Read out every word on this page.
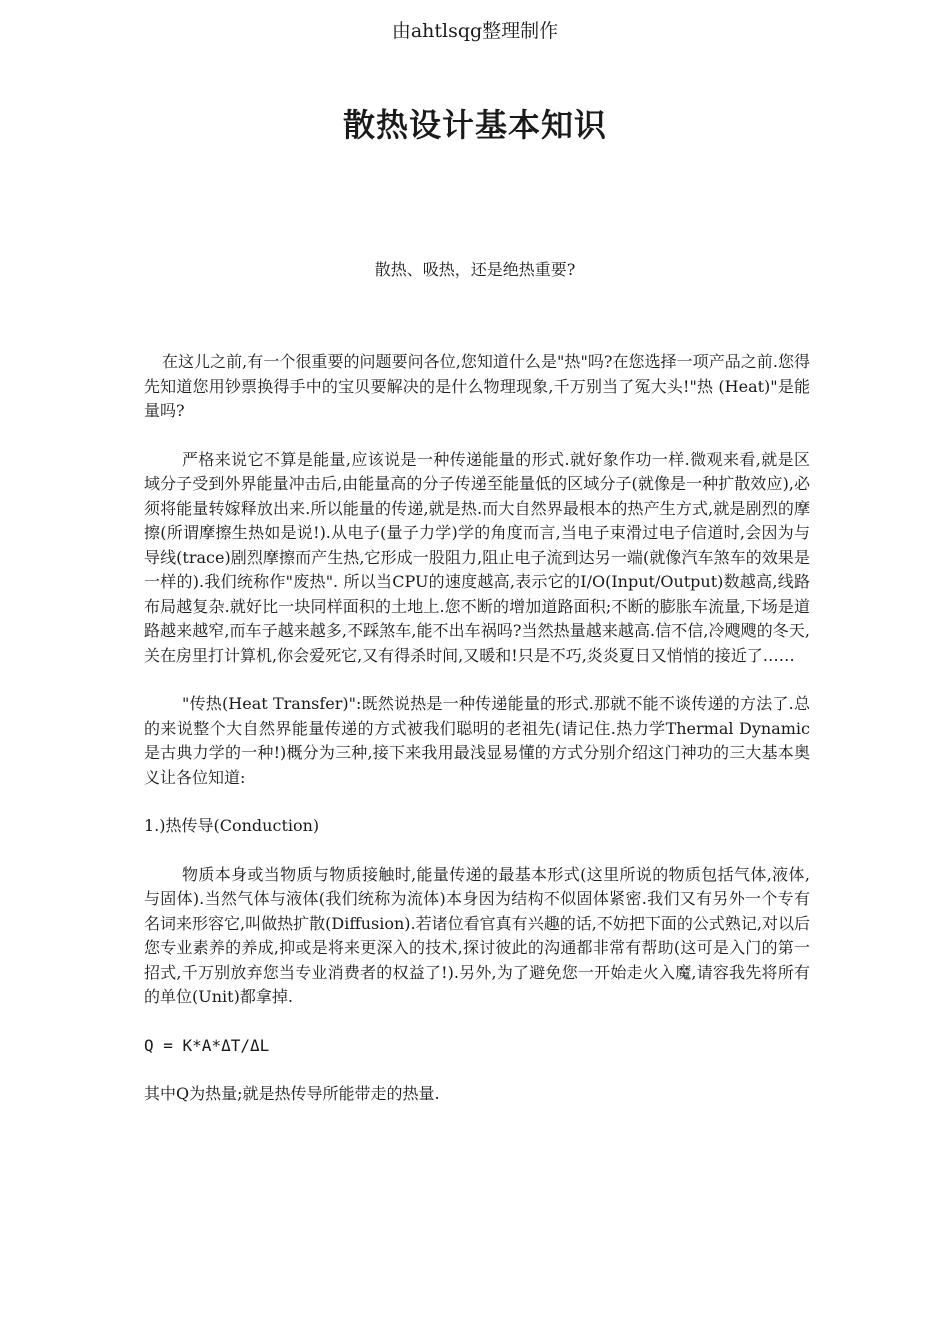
由ahtlsqg整理制作
散热设计基本知识
散热、吸热，还是绝热重要?

在这儿之前,有一个很重要的问题要问各位,您知道什么是"热"吗?在您选择一项产品之前.您得先知道您用钞票换得手中的宝贝要解决的是什么物理现象,千万别当了冤大头!"热 (Heat)"是能量吗?

严格来说它不算是能量,应该说是一种传递能量的形式.就好象作功一样.微观来看,就是区域分子受到外界能量冲击后,由能量高的分子传递至能量低的区域分子(就像是一种扩散效应),必须将能量转嫁释放出来.所以能量的传递,就是热.而大自然界最根本的热产生方式,就是剧烈的摩擦(所谓摩擦生热如是说!).从电子(量子力学)学的角度而言,当电子束滑过电子信道时,会因为与导线(trace)剧烈摩擦而产生热,它形成一股阻力,阻止电子流到达另一端(就像汽车煞车的效果是一样的).我们统称作"废热". 所以当CPU的速度越高,表示它的I/O(Input/Output)数越高,线路布局越复杂.就好比一块同样面积的土地上.您不断的增加道路面积;不断的膨胀车流量,下场是道路越来越窄,而车子越来越多,不踩煞车,能不出车祸吗?当然热量越来越高.信不信,冷飕飕的冬天,关在房里打计算机,你会爱死它,又有得杀时间,又暖和!只是不巧,炎炎夏日又悄悄的接近了……

"传热(Heat Transfer)":既然说热是一种传递能量的形式.那就不能不谈传递的方法了.总的来说整个大自然界能量传递的方式被我们聪明的老祖先(请记住.热力学Thermal Dynamic是古典力学的一种!)概分为三种,接下来我用最浅显易懂的方式分别介绍这门神功的三大基本奥义让各位知道:

1.)热传导(Conduction)

物质本身或当物质与物质接触时,能量传递的最基本形式(这里所说的物质包括气体,液体,与固体).当然气体与液体(我们统称为流体)本身因为结构不似固体紧密.我们又有另外一个专有名词来形容它,叫做热扩散(Diffusion).若诸位看官真有兴趣的话,不妨把下面的公式熟记,对以后您专业素养的养成,抑或是将来更深入的技术,探讨彼此的沟通都非常有帮助(这可是入门的第一招式,千万别放弃您当专业消费者的权益了!).另外,为了避免您一开始走火入魔,请容我先将所有的单位(Unit)都拿掉.

Q = K*A*ΔT/ΔL

其中Q为热量;就是热传导所能带走的热量.
